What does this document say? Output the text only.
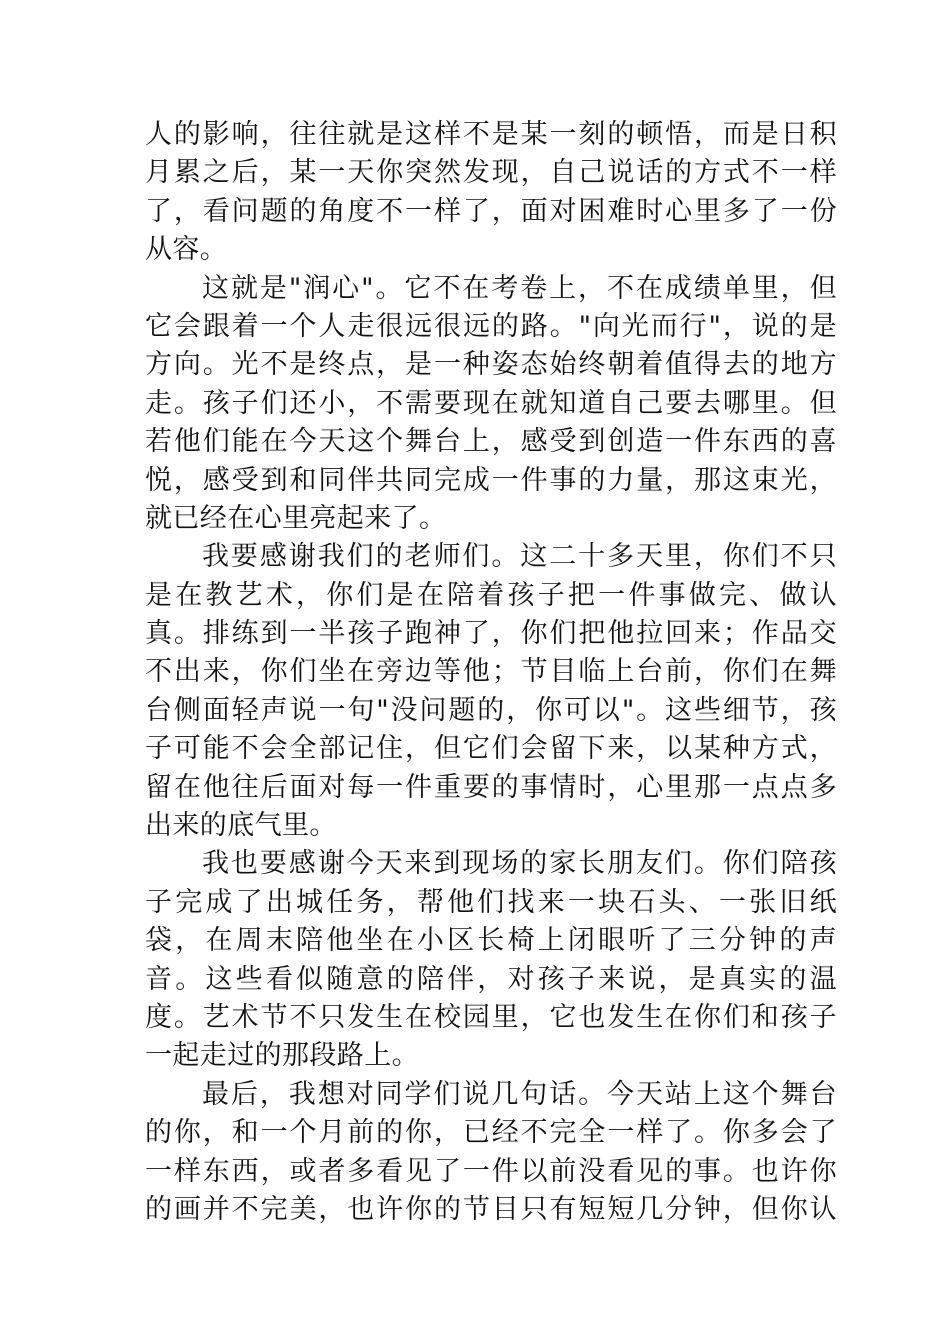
人的影响，往往就是这样不是某一刻的顿悟，而是日积
月累之后，某一天你突然发现，自己说话的方式不一样
了，看问题的角度不一样了，面对困难时心里多了一份
从容。
这就是"润心"。它不在考卷上，不在成绩单里，但
它会跟着一个人走很远很远的路。"向光而行"，说的是
方向。光不是终点，是一种姿态始终朝着值得去的地方
走。孩子们还小，不需要现在就知道自己要去哪里。但
若他们能在今天这个舞台上，感受到创造一件东西的喜
悦，感受到和同伴共同完成一件事的力量，那这束光，
就已经在心里亮起来了。
我要感谢我们的老师们。这二十多天里，你们不只
是在教艺术，你们是在陪着孩子把一件事做完、做认
真。排练到一半孩子跑神了，你们把他拉回来；作品交
不出来，你们坐在旁边等他；节目临上台前，你们在舞
台侧面轻声说一句"没问题的，你可以"。这些细节，孩
子可能不会全部记住，但它们会留下来，以某种方式，
留在他往后面对每一件重要的事情时，心里那一点点多
出来的底气里。
我也要感谢今天来到现场的家长朋友们。你们陪孩
子完成了出城任务，帮他们找来一块石头、一张旧纸
袋，在周末陪他坐在小区长椅上闭眼听了三分钟的声
音。这些看似随意的陪伴，对孩子来说，是真实的温
度。艺术节不只发生在校园里，它也发生在你们和孩子
一起走过的那段路上。
最后，我想对同学们说几句话。今天站上这个舞台
的你，和一个月前的你，已经不完全一样了。你多会了
一样东西，或者多看见了一件以前没看见的事。也许你
的画并不完美，也许你的节目只有短短几分钟，但你认
